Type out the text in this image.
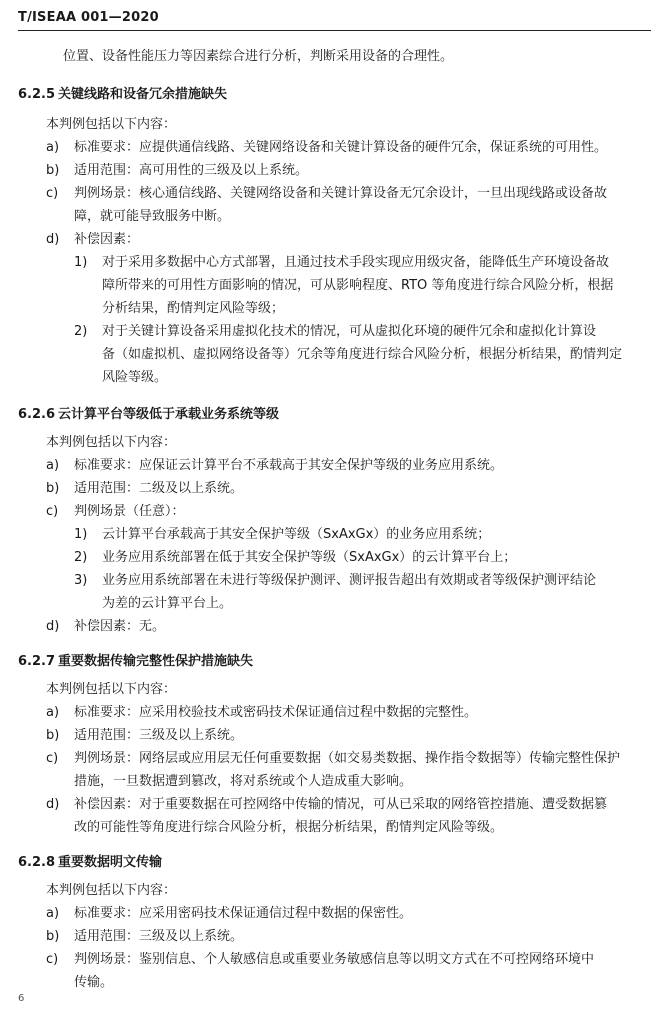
T/ISEAA 001—2020
位置、设备性能压力等因素综合进行分析，判断采用设备的合理性。
6.2.5 关键线路和设备冗余措施缺失
本判例包括以下内容：
a) 标准要求：应提供通信线路、关键网络设备和关键计算设备的硬件冗余，保证系统的可用性。
b) 适用范围：高可用性的三级及以上系统。
c) 判例场景：核心通信线路、关键网络设备和关键计算设备无冗余设计，一旦出现线路或设备故
障，就可能导致服务中断。
d) 补偿因素：
1) 对于采用多数据中心方式部署，且通过技术手段实现应用级灾备，能降低生产环境设备故
障所带来的可用性方面影响的情况，可从影响程度、RTO 等角度进行综合风险分析，根据
分析结果，酌情判定风险等级；
2) 对于关键计算设备采用虚拟化技术的情况，可从虚拟化环境的硬件冗余和虚拟化计算设
备（如虚拟机、虚拟网络设备等）冗余等角度进行综合风险分析，根据分析结果，酌情判定
风险等级。
6.2.6 云计算平台等级低于承载业务系统等级
本判例包括以下内容：
a) 标准要求：应保证云计算平台不承载高于其安全保护等级的业务应用系统。
b) 适用范围：二级及以上系统。
c) 判例场景（任意）：
1) 云计算平台承载高于其安全保护等级（SxAxGx）的业务应用系统；
2) 业务应用系统部署在低于其安全保护等级（SxAxGx）的云计算平台上；
3) 业务应用系统部署在未进行等级保护测评、测评报告超出有效期或者等级保护测评结论
为差的云计算平台上。
d) 补偿因素：无。
6.2.7 重要数据传输完整性保护措施缺失
本判例包括以下内容：
a) 标准要求：应采用校验技术或密码技术保证通信过程中数据的完整性。
b) 适用范围：三级及以上系统。
c) 判例场景：网络层或应用层无任何重要数据（如交易类数据、操作指令数据等）传输完整性保护
措施，一旦数据遭到篡改，将对系统或个人造成重大影响。
d) 补偿因素：对于重要数据在可控网络中传输的情况，可从已采取的网络管控措施、遭受数据篡
改的可能性等角度进行综合风险分析，根据分析结果，酌情判定风险等级。
6.2.8 重要数据明文传输
本判例包括以下内容：
a) 标准要求：应采用密码技术保证通信过程中数据的保密性。
b) 适用范围：三级及以上系统。
c) 判例场景：鉴别信息、个人敏感信息或重要业务敏感信息等以明文方式在不可控网络环境中
传输。
6
